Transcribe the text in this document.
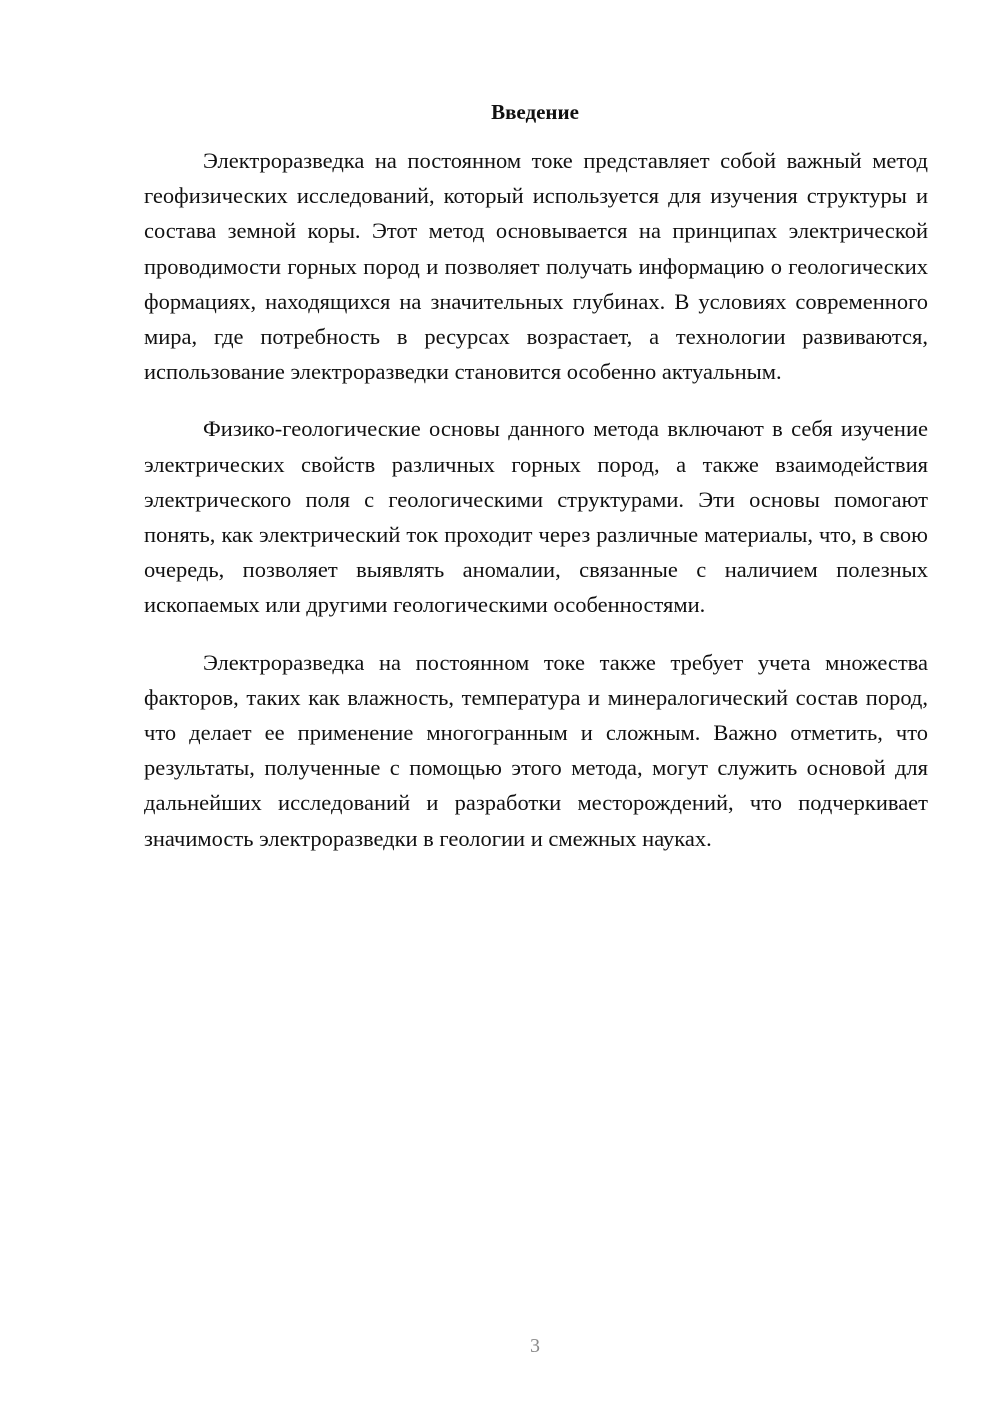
Введение

Электроразведка на постоянном токе представляет собой важный метод геофизических исследований, который используется для изучения структуры и состава земной коры. Этот метод основывается на принципах электрической проводимости горных пород и позволяет получать информацию о геологических формациях, находящихся на значительных глубинах. В условиях современного мира, где потребность в ресурсах возрастает, а технологии развиваются, использование электроразведки становится особенно актуальным.

Физико-геологические основы данного метода включают в себя изучение электрических свойств различных горных пород, а также взаимодействия электрического поля с геологическими структурами. Эти основы помогают понять, как электрический ток проходит через различные материалы, что, в свою очередь, позволяет выявлять аномалии, связанные с наличием полезных ископаемых или другими геологическими особенностями.

Электроразведка на постоянном токе также требует учета множества факторов, таких как влажность, температура и минералогический состав пород, что делает ее применение многогранным и сложным. Важно отметить, что результаты, полученные с помощью этого метода, могут служить основой для дальнейших исследований и разработки месторождений, что подчеркивает значимость электроразведки в геологии и смежных науках.

3
